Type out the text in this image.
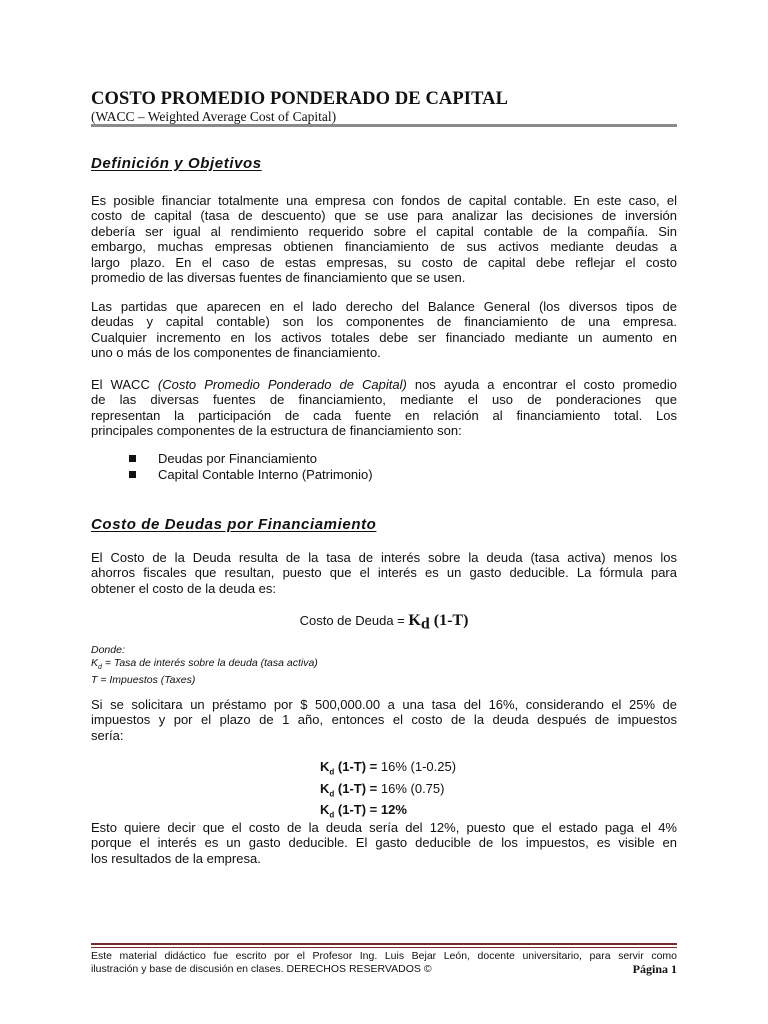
COSTO PROMEDIO PONDERADO DE CAPITAL
(WACC – Weighted Average Cost of Capital)
Definición y Objetivos
Es posible financiar totalmente una empresa con fondos de capital contable. En este caso, el
costo de capital (tasa de descuento) que se use para analizar las decisiones de inversión
debería ser igual al rendimiento requerido sobre el capital contable de la compañía. Sin
embargo, muchas empresas obtienen financiamiento de sus activos mediante deudas a
largo plazo. En el caso de estas empresas, su costo de capital debe reflejar el costo
promedio de las diversas fuentes de financiamiento que se usen.
Las partidas que aparecen en el lado derecho del Balance General (los diversos tipos de
deudas y capital contable) son los componentes de financiamiento de una empresa.
Cualquier incremento en los activos totales debe ser financiado mediante un aumento en
uno o más de los componentes de financiamiento.
El WACC (Costo Promedio Ponderado de Capital) nos ayuda a encontrar el costo promedio
de las diversas fuentes de financiamiento, mediante el uso de ponderaciones que
representan la participación de cada fuente en relación al financiamiento total. Los
principales componentes de la estructura de financiamiento son:
Deudas por Financiamiento
Capital Contable Interno (Patrimonio)
Costo de Deudas por Financiamiento
El Costo de la Deuda resulta de la tasa de interés sobre la deuda (tasa activa) menos los
ahorros fiscales que resultan, puesto que el interés es un gasto deducible. La fórmula para
obtener el costo de la deuda es:
Costo de Deuda = $K_d$ (1-T)
Donde:
$K_d$ = Tasa de interés sobre la deuda (tasa activa)
T = Impuestos (Taxes)
Si se solicitara un préstamo por $ 500,000.00 a una tasa del 16%, considerando el 25% de
impuestos y por el plazo de 1 año, entonces el costo de la deuda después de impuestos
sería:
$K_d$ (1-T) = 16% (1-0.25)
$K_d$ (1-T) = 16% (0.75)
$K_d$ (1-T) = 12%
Esto quiere decir que el costo de la deuda sería del 12%, puesto que el estado paga el 4%
porque el interés es un gasto deducible. El gasto deducible de los impuestos, es visible en
los resultados de la empresa.
Este material didáctico fue escrito por el Profesor Ing. Luis Bejar León, docente universitario, para servir como
ilustración y base de discusión en clases. DERECHOS RESERVADOS ©	Página 1
